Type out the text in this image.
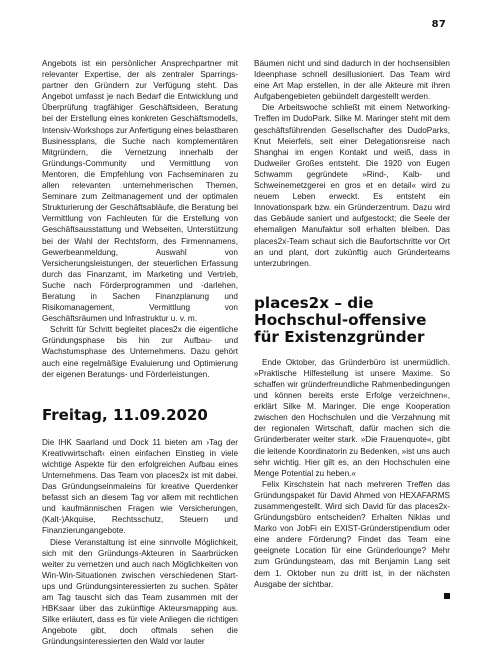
87

Angebots ist ein persönlicher Ansprechpartner mit relevanter Expertise, der als zentraler Sparrings-partner den Gründern zur Verfügung steht. Das Angebot umfasst je nach Bedarf die Entwicklung und Überprüfung tragfähiger Geschäftsideen, Beratung bei der Erstellung eines konkreten Geschäftsmodells, Intensiv-Workshops zur Anfertigung eines belastbaren Businessplans, die Suche nach komplementären Mitgründern, die Vernetzung innerhalb der Gründungs-Community und Vermittlung von Mentoren, die Empfehlung von Fachseminaren zu allen relevanten unternehmerischen Themen, Seminare zum Zeitmanagement und der optimalen Strukturierung der Geschäftsabläufe, die Beratung bei Vermittlung von Fachleuten für die Erstellung von Geschäftsausstattung und Webseiten, Unterstützung bei der Wahl der Rechtsform, des Firmennamens, Gewerbeanmeldung, Auswahl von Versicherungsleistungen, der steuerlichen Erfassung durch das Finanzamt, im Marketing und Vertrieb, Suche nach Förderprogrammen und -darlehen, Beratung in Sachen Finanzplanung und Risikomanagement, Vermittlung von Geschäftsräumen und Infrastruktur u. v. m.

Schritt für Schritt begleitet places2x die eigentliche Gründungsphase bis hin zur Aufbau- und Wachstumsphase des Unternehmens. Dazu gehört auch eine regelmäßige Evaluierung und Optimierung der eigenen Beratungs- und Förderleistungen.

Freitag, 11.09.2020

Die IHK Saarland und Dock 11 bieten am ›Tag der Kreativwirtschaft‹ einen einfachen Einstieg in viele wichtige Aspekte für den erfolgreichen Aufbau eines Unternehmens. Das Team von places2x ist mit dabei. Das Gründungseinmaleins für kreative Querdenker befasst sich an diesem Tag vor allem mit rechtlichen und kaufmännischen Fragen wie Versicherungen, (Kalt-)Akquise, Rechtsschutz, Steuern und Finanzierungangebote.

Diese Veranstaltung ist eine sinnvolle Möglichkeit, sich mit den Gründungs-Akteuren in Saarbrücken weiter zu vernetzen und auch nach Möglichkeiten von Win-Win-Situationen zwischen verschiedenen Start-ups und Gründungsinteressierten zu suchen. Später am Tag tauscht sich das Team zusammen mit der HBKsaar über das zukünftige Akteursmapping aus. Silke erläutert, dass es für viele Anliegen die richtigen Angebote gibt, doch oftmals sehen die Gründungsinteressierten den Wald vor lauter

Bäumen nicht und sind dadurch in der hochsensiblen Ideenphase schnell desillusioniert. Das Team wird eine Art Map erstellen, in der alle Akteure mit ihren Aufgabengebieten gebündelt dargestellt werden.

Die Arbeitswoche schließt mit einem Networking-Treffen im DudoPark. Silke M. Maringer steht mit dem geschäftsführenden Gesellschafter des DudoParks, Knut Meierfels, seit einer Delegationsreise nach Shanghai im engen Kontakt und weiß, dass in Dudweiler Großes entsteht. Die 1920 von Eugen Schwamm gegründete »Rind-, Kalb- und Schweinemetzgerei en gros et en detail« wird zu neuem Leben erweckt. Es entsteht ein Innovationspark bzw. ein Gründerzentrum. Dazu wird das Gebäude saniert und aufgestockt; die Seele der ehemaligen Manufaktur soll erhalten bleiben. Das places2x-Team schaut sich die Baufortschritte vor Ort an und plant, dort zukünftig auch Gründerteams unterzubringen.

places2x – die Hochschul-offensive für Existenzgründer

Ende Oktober, das Gründerbüro ist unermüdlich. »Praktische Hilfestellung ist unsere Maxime. So schaffen wir gründerfreundliche Rahmenbedingungen und können bereits erste Erfolge verzeichnen«, erklärt Silke M. Maringer. Die enge Kooperation zwischen den Hochschulen und die Verzahnung mit der regionalen Wirtschaft, dafür machen sich die Gründerberater weiter stark. »Die Frauenquote«, gibt die leitende Koordinatorin zu Bedenken, »ist uns auch sehr wichtig. Hier gilt es, an den Hochschulen eine Menge Potential zu heben.«

Felix Kirschstein hat nach mehreren Treffen das Gründungspaket für David Ahmed von HEXAFARMS zusammengestellt. Wird sich David für das places2x-Gründungsbüro entscheiden? Erhalten Niklas und Marko von JobFi ein EXIST-Gründerstipendium oder eine andere Förderung? Findet das Team eine geeignete Location für eine Gründerlounge? Mehr zum Gründungsteam, das mit Benjamin Lang seit dem 1. Oktober nun zu dritt ist, in der nächsten Ausgabe der sichtbar.
